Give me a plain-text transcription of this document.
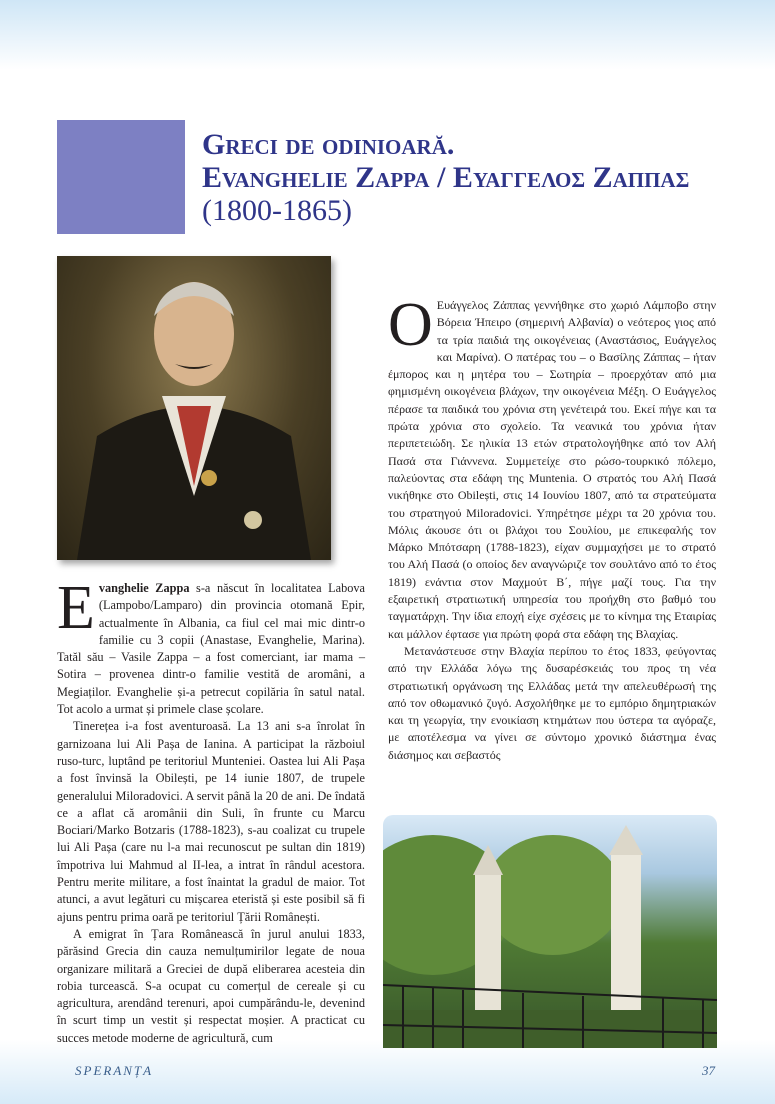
Greci de odinioară.
Evanghelie Zappa / Ευαγγελος Ζαππας
(1800-1865)

Evanghelie Zappa s-a născut în localitatea Labova (Lampobo/Lamparo) din provincia otomană Epir, actualmente în Albania, ca fiul cel mai mic dintr-o familie cu 3 copii (Anastase, Evanghelie, Marina). Tatăl său – Vasile Zappa – a fost comerciant, iar mama – Sotira – provenea dintr-o familie vestită de aromâni, a Megiaților. Evanghelie și-a petrecut copilăria în satul natal. Tot acolo a urmat și primele clase școlare.

Tinerețea i-a fost aventuroasă. La 13 ani s-a înrolat în garnizoana lui Ali Pașa de Ianina. A participat la războiul ruso-turc, luptând pe teritoriul Munteniei. Oastea lui Ali Pașa a fost învinsă la Obilești, pe 14 iunie 1807, de trupele generalului Miloradovici. A servit până la 20 de ani. De îndată ce a aflat că aromânii din Suli, în frunte cu Marcu Bociari/Marko Botzaris (1788-1823), s-au coalizat cu trupele lui Ali Pașa (care nu l-a mai recunoscut pe sultan din 1819) împotriva lui Mahmud al II-lea, a intrat în rândul acestora. Pentru merite militare, a fost înaintat la gradul de maior. Tot atunci, a avut legături cu mișcarea eteristă și este posibil să fi ajuns pentru prima oară pe teritoriul Țării Românești.

A emigrat în Țara Românească în jurul anului 1833, părăsind Grecia din cauza nemulțumirilor legate de noua organizare militară a Greciei de după eliberarea acesteia din robia turcească. S-a ocupat cu comerțul de cereale și cu agricultura, arendând terenuri, apoi cumpărându-le, devenind în scurt timp un vestit și respectat moșier. A practicat cu succes metode moderne de agricultură, cum

Ο Ευάγγελος Ζάππας γεννήθηκε στο χωριό Λάμποβο στην Βόρεια Ήπειρο (σημερινή Αλβανία) ο νεότερος γιος από τα τρία παιδιά της οικογένειας (Αναστάσιος, Ευάγγελος και Μαρίνα). Ο πατέρας του – ο Βασίλης Ζάππας – ήταν έμπορος και η μητέρα του – Σωτηρία – προερχόταν από μια φημισμένη οικογένεια βλάχων, την οικογένεια Μέξη. Ο Ευάγγελος πέρασε τα παιδικά του χρόνια στη γενέτειρά του. Εκεί πήγε και τα πρώτα χρόνια στο σχολείο. Τα νεανικά του χρόνια ήταν περιπετειώδη. Σε ηλικία 13 ετών στρατολογήθηκε από τον Αλή Πασά στα Γιάννενα. Συμμετείχε στο ρώσο-τουρκικό πόλεμο, παλεύοντας στα εδάφη της Muntenia. Ο στρατός του Αλή Πασά νικήθηκε στο Obilești, στις 14 Ιουνίου 1807, από τα στρατεύματα του στρατηγού Miloradovici. Υπηρέτησε μέχρι τα 20 χρόνια του. Μόλις άκουσε ότι οι βλάχοι του Σουλίου, με επικεφαλής τον Μάρκο Μπότσαρη (1788-1823), είχαν συμμαχήσει με το στρατό του Αλή Πασά (ο οποίος δεν αναγνώριζε τον σουλτάνο από το έτος 1819) ενάντια στον Μαχμούτ Β΄, πήγε μαζί τους. Για την εξαιρετική στρατιωτική υπηρεσία του προήχθη στο βαθμό του ταγματάρχη. Την ίδια εποχή είχε σχέσεις με το κίνημα της Εταιρίας και μάλλον έφτασε για πρώτη φορά στα εδάφη της Βλαχίας.

Μετανάστευσε στην Βλαχία περίπου το έτος 1833, φεύγοντας από την Ελλάδα λόγω της δυσαρέσκειάς του προς τη νέα στρατιωτική οργάνωση της Ελλάδας μετά την απελευθέρωσή της από τον οθωμανικό ζυγό. Ασχολήθηκε με το εμπόριο δημητριακών και τη γεωργία, την ενοικίαση κτημάτων που ύστερα τα αγόραζε, με αποτέλεσμα να γίνει σε σύντομο χρονικό διάστημα ένας διάσημος και σεβαστός

SPERANȚA	37
